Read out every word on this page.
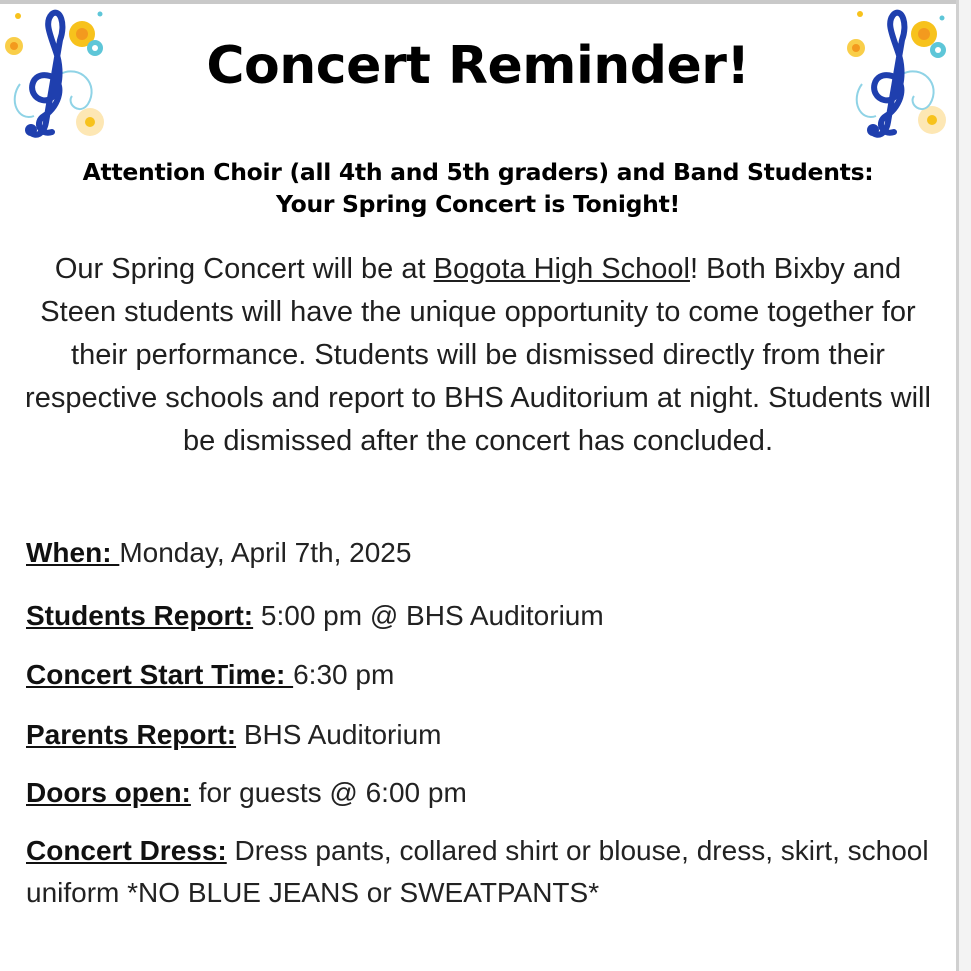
Concert Reminder!
Attention Choir (all 4th and 5th graders) and Band Students:
Your Spring Concert is Tonight!
Our Spring Concert will be at Bogota High School! Both Bixby and Steen students will have the unique opportunity to come together for their performance. Students will be dismissed directly from their respective schools and report to BHS Auditorium at night. Students will be dismissed after the concert has concluded.
When: Monday, April 7th, 2025
Students Report: 5:00 pm @ BHS Auditorium
Concert Start Time: 6:30 pm
Parents Report: BHS Auditorium
Doors open: for guests @ 6:00 pm
Concert Dress: Dress pants, collared shirt or blouse, dress, skirt, school uniform *NO BLUE JEANS or SWEATPANTS*
